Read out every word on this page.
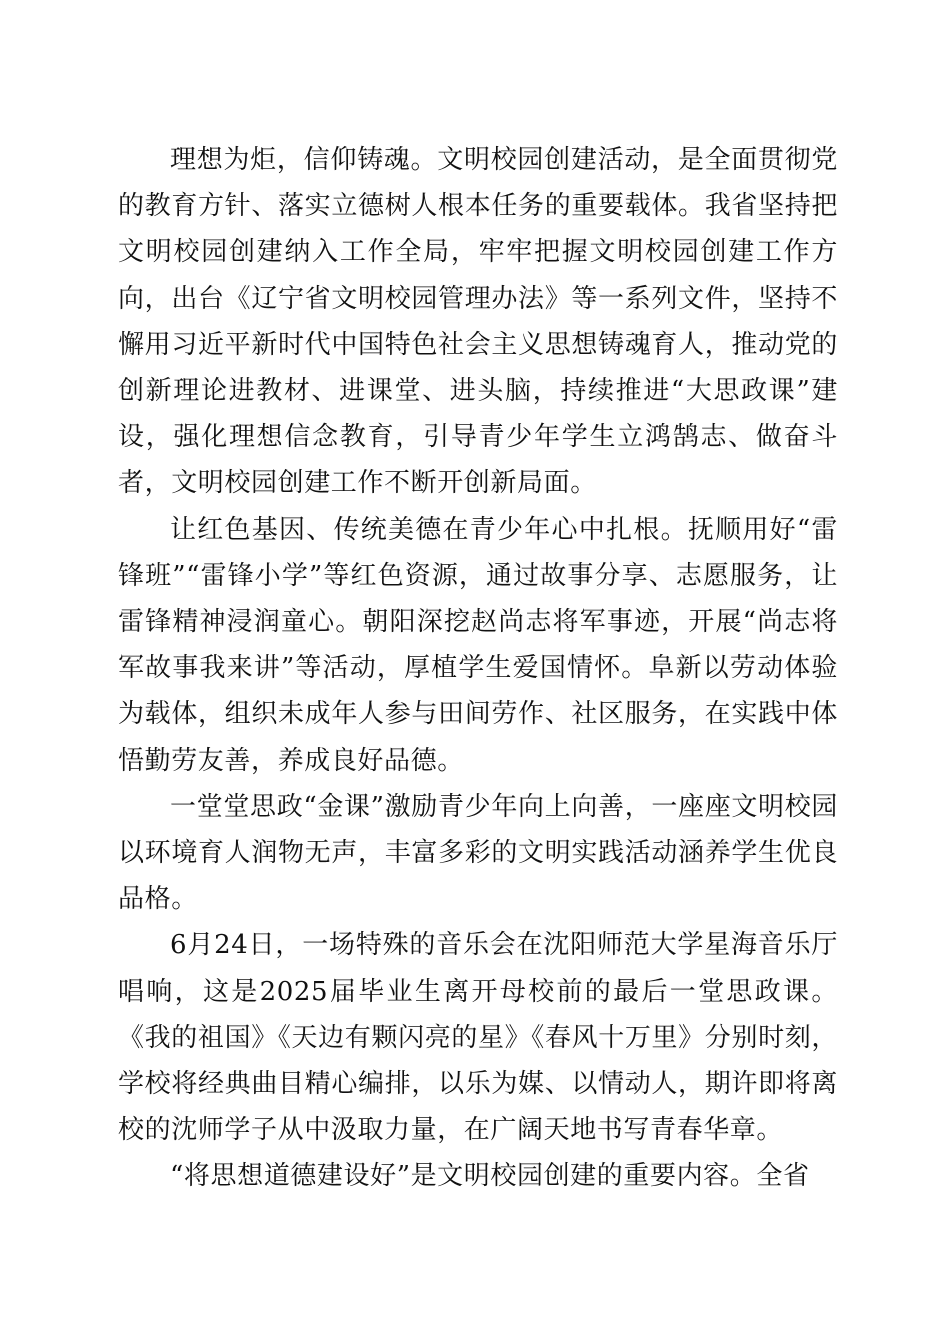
理想为炬，信仰铸魂。文明校园创建活动，是全面贯彻党的教育方针、落实立德树人根本任务的重要载体。我省坚持把文明校园创建纳入工作全局，牢牢把握文明校园创建工作方向，出台《辽宁省文明校园管理办法》等一系列文件，坚持不懈用习近平新时代中国特色社会主义思想铸魂育人，推动党的创新理论进教材、进课堂、进头脑，持续推进“大思政课”建设，强化理想信念教育，引导青少年学生立鸿鹄志、做奋斗者，文明校园创建工作不断开创新局面。

让红色基因、传统美德在青少年心中扎根。抚顺用好“雷锋班”“雷锋小学”等红色资源，通过故事分享、志愿服务，让雷锋精神浸润童心。朝阳深挖赵尚志将军事迹，开展“尚志将军故事我来讲”等活动，厚植学生爱国情怀。阜新以劳动体验为载体，组织未成年人参与田间劳作、社区服务，在实践中体悟勤劳友善，养成良好品德。

一堂堂思政“金课”激励青少年向上向善，一座座文明校园以环境育人润物无声，丰富多彩的文明实践活动涵养学生优良品格。

6月24日，一场特殊的音乐会在沈阳师范大学星海音乐厅唱响，这是2025届毕业生离开母校前的最后一堂思政课。《我的祖国》《天边有颗闪亮的星》《春风十万里》分别时刻，学校将经典曲目精心编排，以乐为媒、以情动人，期许即将离校的沈师学子从中汲取力量，在广阔天地书写青春华章。

“将思想道德建设好”是文明校园创建的重要内容。全省
